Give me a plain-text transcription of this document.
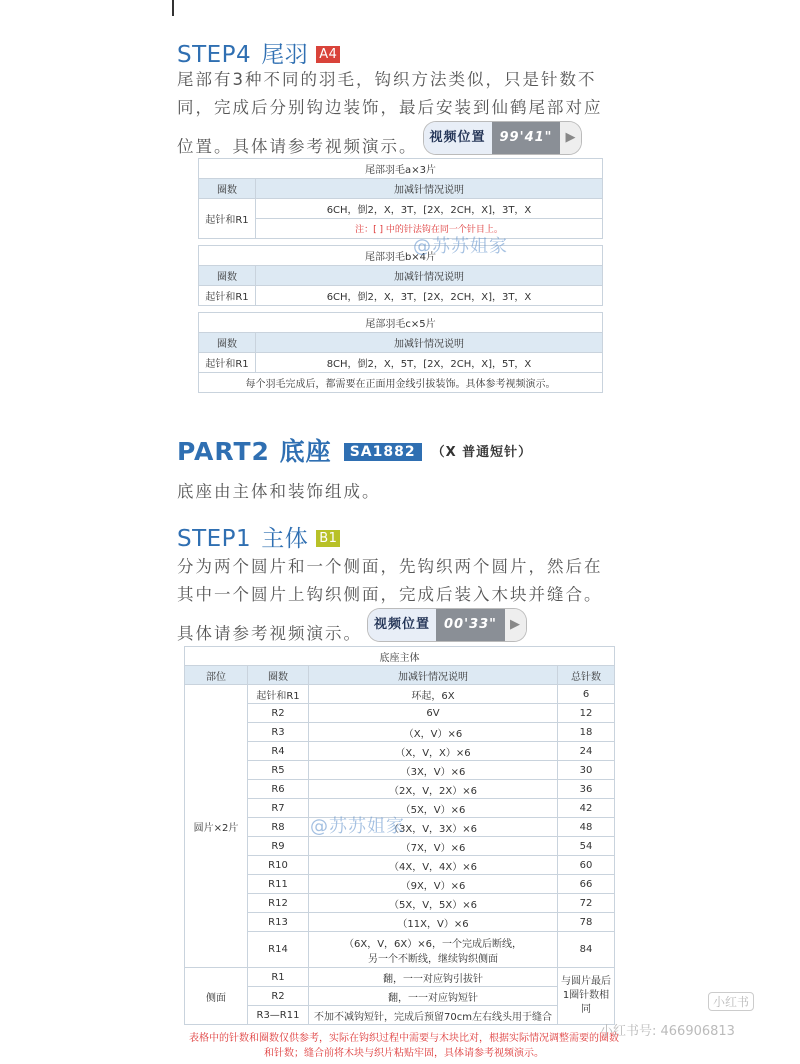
STEP4 尾羽 A4
尾部有3种不同的羽毛，钩织方法类似，只是针数不
同，完成后分别钩边装饰，最后安装到仙鹤尾部对应
位置。具体请参考视频演示。 视频位置 99'41" ▶
尾部羽毛a×3片	
圈数	加减针情况说明
起针和R1	6CH，倒2，X，3T，[2X，2CH，X]，3T，X
	注：[ ] 中的针法钩在同一个针目上。
尾部羽毛b×4片	
圈数	加减针情况说明
起针和R1	6CH，倒2，X，3T，[2X，2CH，X]，3T，X
尾部羽毛c×5片	
圈数	加减针情况说明
起针和R1	8CH，倒2，X，5T，[2X，2CH，X]，5T，X
每个羽毛完成后，都需要在正面用金线引拔装饰。具体参考视频演示。	
@苏苏姐家
PART2 底座 SA1882 （X 普通短针）
底座由主体和装饰组成。
STEP1 主体 B1
分为两个圆片和一个侧面，先钩织两个圆片，然后在
其中一个圆片上钩织侧面，完成后装入木块并缝合。
具体请参考视频演示。 视频位置 00'33" ▶
底座主体			
部位	圈数	加减针情况说明	总针数
圆片×2片	起针和R1	环起，6X	6
	R2	6V	12
	R3	（X，V）×6	18
	R4	（X，V，X）×6	24
	R5	（3X，V）×6	30
	R6	（2X，V，2X）×6	36
	R7	（5X，V）×6	42
	R8	（3X，V，3X）×6	48
	R9	（7X，V）×6	54
	R10	（4X，V，4X）×6	60
	R11	（9X，V）×6	66
	R12	（5X，V，5X）×6	72
	R13	（11X，V）×6	78
	R14	（6X，V，6X）×6，一个完成后断线，
另一个不断线，继续钩织侧面	84
侧面	R1	翻，一一对应钩引拔针	与圆片最后1圈针数相同
	R2	翻，一一对应钩短针	
	R3—R11	不加不减钩短针，完成后预留70cm左右线头用于缝合	
@苏苏姐家
表格中的针数和圈数仅供参考，实际在钩织过程中需要与木块比对，根据实际情况调整需要的圈数
和针数；缝合前将木块与织片粘贴牢固，具体请参考视频演示。
小红书
小红书号: 466906813
